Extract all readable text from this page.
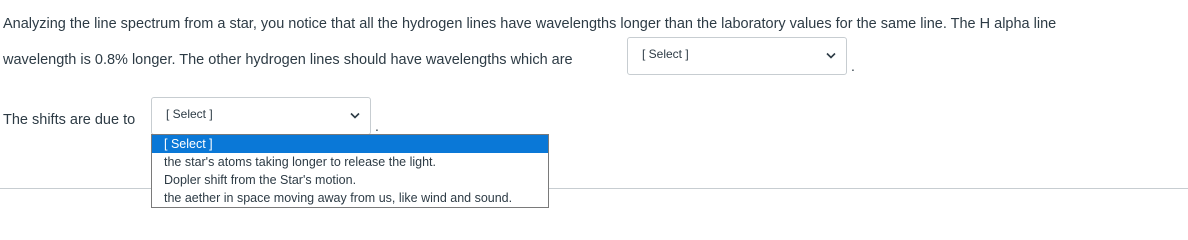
Analyzing the line spectrum from a star, you notice that all the hydrogen lines have wavelengths longer than the laboratory values for the same line. The H alpha line
wavelength is 0.8% longer. The other hydrogen lines should have wavelengths which are	[ Select ]
.
The shifts are due to	[ Select ]
.
[ Select ]
the star's atoms taking longer to release the light.
Dopler shift from the Star's motion.
the aether in space moving away from us, like wind and sound.
